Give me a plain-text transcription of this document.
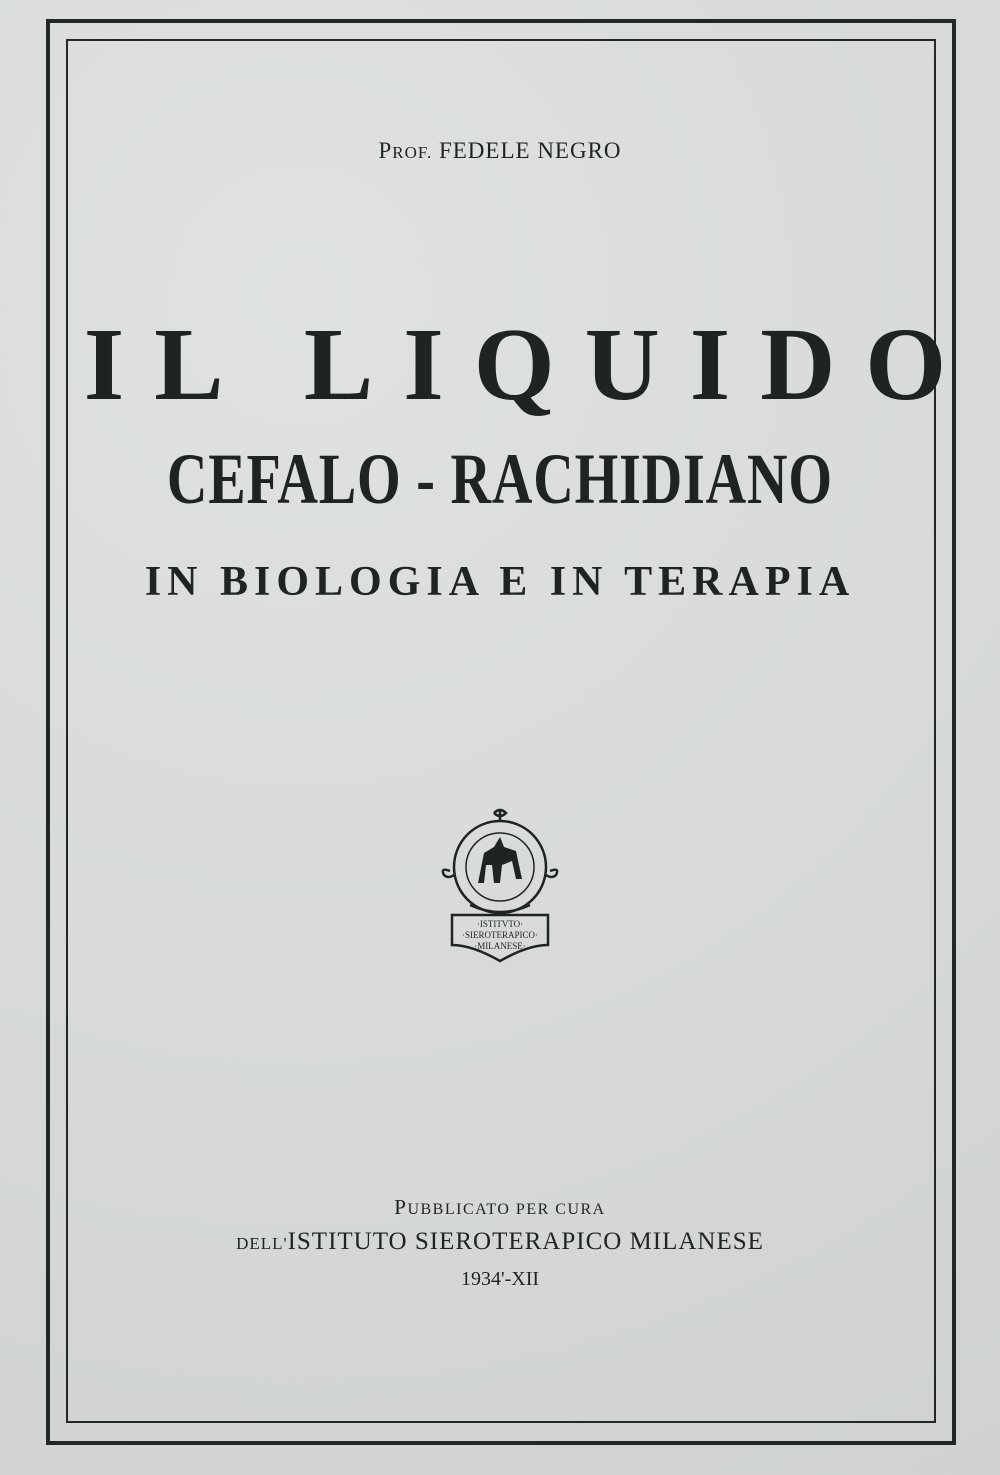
PROF. FEDELE NEGRO
IL LIQUIDO
CEFALO - RACHIDIANO
IN BIOLOGIA E IN TERAPIA
·ISTITVTO·
·SIEROTERAPICO·
·MILANESE·
PUBBLICATO PER CURA
DELL'ISTITUTO SIEROTERAPICO MILANESE
1934'-XII
